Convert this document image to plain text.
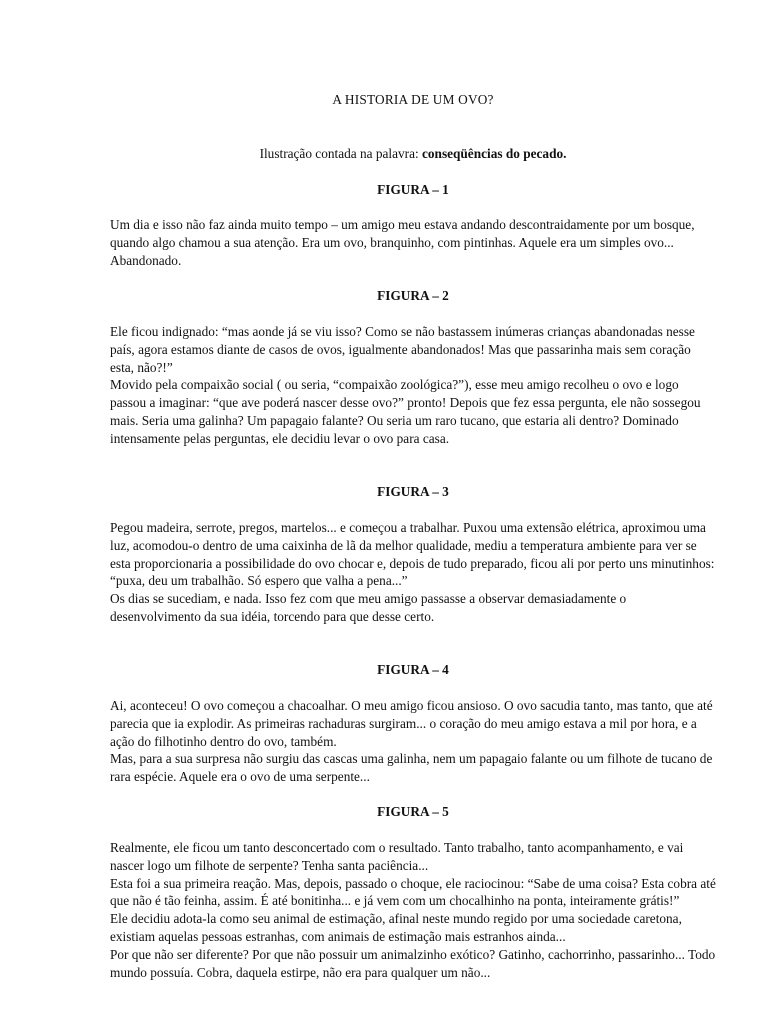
A HISTORIA DE UM OVO?
Ilustração contada na palavra: conseqüências do pecado.
FIGURA – 1

Um dia e isso não faz ainda muito tempo – um amigo meu estava andando descontraidamente por um bosque, quando algo chamou a sua atenção. Era um ovo, branquinho, com pintinhas. Aquele era um simples ovo... Abandonado.

FIGURA – 2

Ele ficou indignado: “mas aonde já se viu isso? Como se não bastassem inúmeras crianças abandonadas nesse país, agora estamos diante de casos de ovos, igualmente abandonados! Mas que passarinha mais sem coração esta, não?!”

Movido pela compaixão social ( ou seria, “compaixão zoológica?”), esse meu amigo recolheu o ovo e logo passou a imaginar: “que ave poderá nascer desse ovo?” pronto! Depois que fez essa pergunta, ele não sossegou mais. Seria uma galinha? Um papagaio falante? Ou seria um raro tucano, que estaria ali dentro? Dominado intensamente pelas perguntas, ele decidiu levar o ovo para casa.

FIGURA – 3

Pegou madeira, serrote, pregos, martelos... e começou a trabalhar. Puxou uma extensão elétrica, aproximou uma luz, acomodou-o dentro de uma caixinha de lã da melhor qualidade, mediu a temperatura ambiente para ver se esta proporcionaria a possibilidade do ovo chocar e, depois de tudo preparado, ficou ali por perto uns minutinhos: “puxa, deu um trabalhão. Só espero que valha a pena...”

Os dias se sucediam, e nada. Isso fez com que meu amigo passasse a observar demasiadamente o desenvolvimento da sua idéia, torcendo para que desse certo.

FIGURA – 4

Ai, aconteceu! O ovo começou a chacoalhar. O meu amigo ficou ansioso. O ovo sacudia tanto, mas tanto, que até parecia que ia explodir. As primeiras rachaduras surgiram... o coração do meu amigo estava a mil por hora, e a ação do filhotinho dentro do ovo, também.

Mas, para a sua surpresa não surgiu das cascas uma galinha, nem um papagaio falante ou um filhote de tucano de rara espécie. Aquele era o ovo de uma serpente...

FIGURA – 5

Realmente, ele ficou um tanto desconcertado com o resultado. Tanto trabalho, tanto acompanhamento, e vai nascer logo um filhote de serpente? Tenha santa paciência...

Esta foi a sua primeira reação. Mas, depois, passado o choque, ele raciocinou: “Sabe de uma coisa? Esta cobra até que não é tão feinha, assim. É até bonitinha... e já vem com um chocalhinho na ponta, inteiramente grátis!”

Ele decidiu adota-la como seu animal de estimação, afinal neste mundo regido por uma sociedade caretona, existiam aquelas pessoas estranhas, com animais de estimação mais estranhos ainda...

Por que não ser diferente? Por que não possuir um animalzinho exótico? Gatinho, cachorrinho, passarinho... Todo mundo possuía. Cobra, daquela estirpe, não era para qualquer um não...
